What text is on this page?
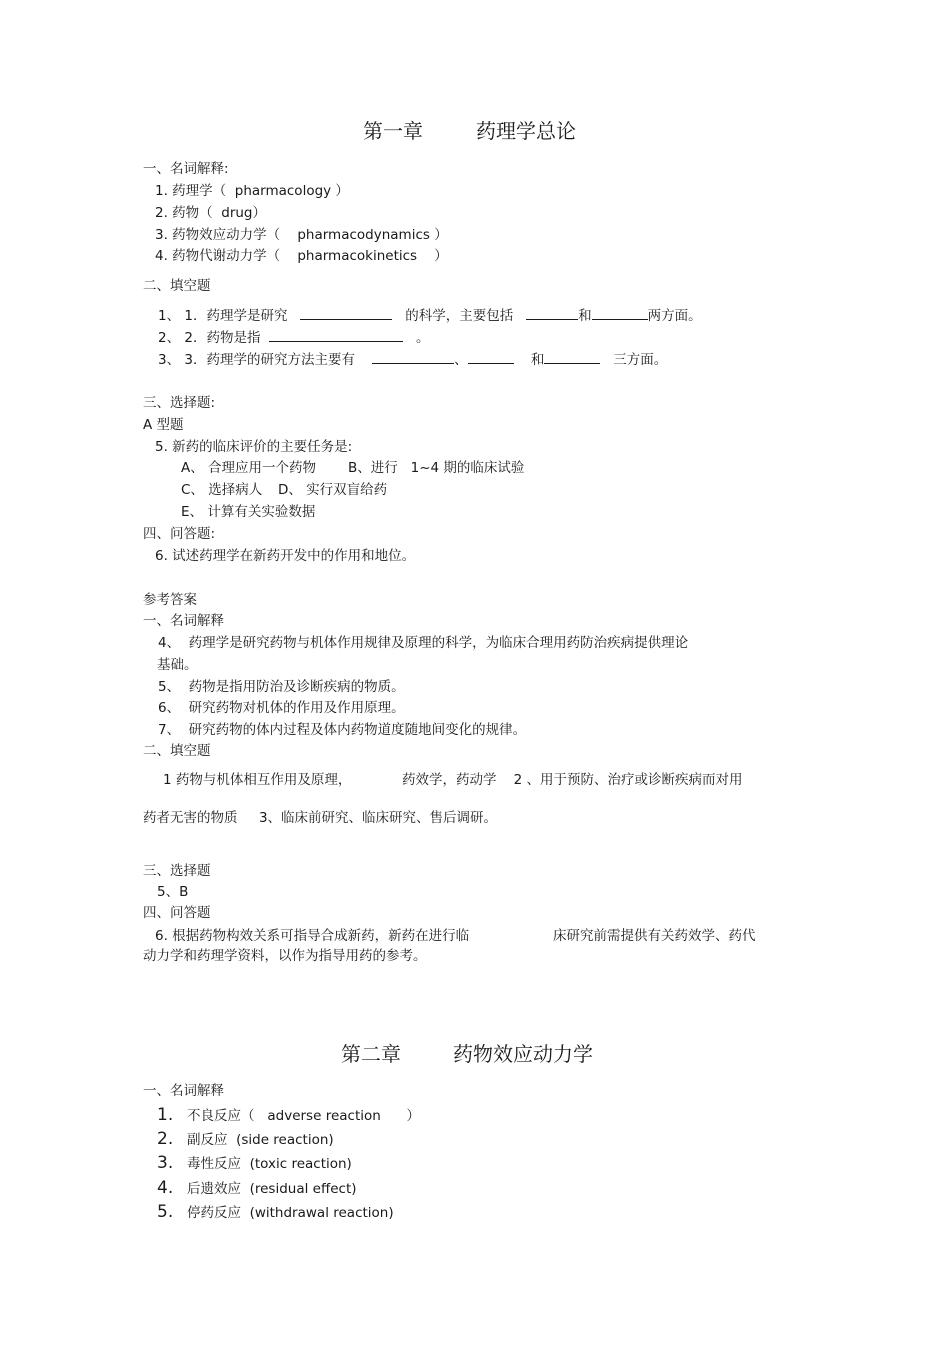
第一章	药理学总论
一、名词解释:
1. 药理学（  pharmacology ）
2. 药物（  drug）
3. 药物效应动力学（    pharmacodynamics ）
4. 药物代谢动力学（    pharmacokinetics    ）
二、填空题
1、 1．药理学是研究	的科学，主要包括	和	两方面。
2、 2．药物是指	。
3、 3．药理学的研究方法主要有	、	和	三方面。
三、选择题:
A 型题
5. 新药的临床评价的主要任务是:
A、 合理应用一个药物 B、进行   1~4 期的临床试验
C、 选择病人 D、 实行双盲给药
E、 计算有关实验数据
四、问答题:
6. 试述药理学在新药开发中的作用和地位。
参考答案
一、名词解释
4、  药理学是研究药物与机体作用规律及原理的科学，为临床合理用药防治疾病提供理论
基础。
5、  药物是指用防治及诊断疾病的物质。
6、  研究药物对机体的作用及作用原理。
7、  研究药物的体内过程及体内药物道度随地间变化的规律。
二、填空题
1 药物与机体相互作用及原理，	药效学，药动学    2 、用于预防、治疗或诊断疾病而对用
药者无害的物质     3、临床前研究、临床研究、售后调研。
三、选择题
5、B
四、问答题
6. 根据药物构效关系可指导合成新药，新药在进行临	床研究前需提供有关药效学、药代
动力学和药理学资料，以作为指导用药的参考。
第二章	药物效应动力学
一、名词解释
1. 不良反应（   adverse reaction      ）
2. 副反应  (side reaction)
3. 毒性反应  (toxic reaction)
4. 后遗效应  (residual effect)
5. 停药反应  (withdrawal reaction)
